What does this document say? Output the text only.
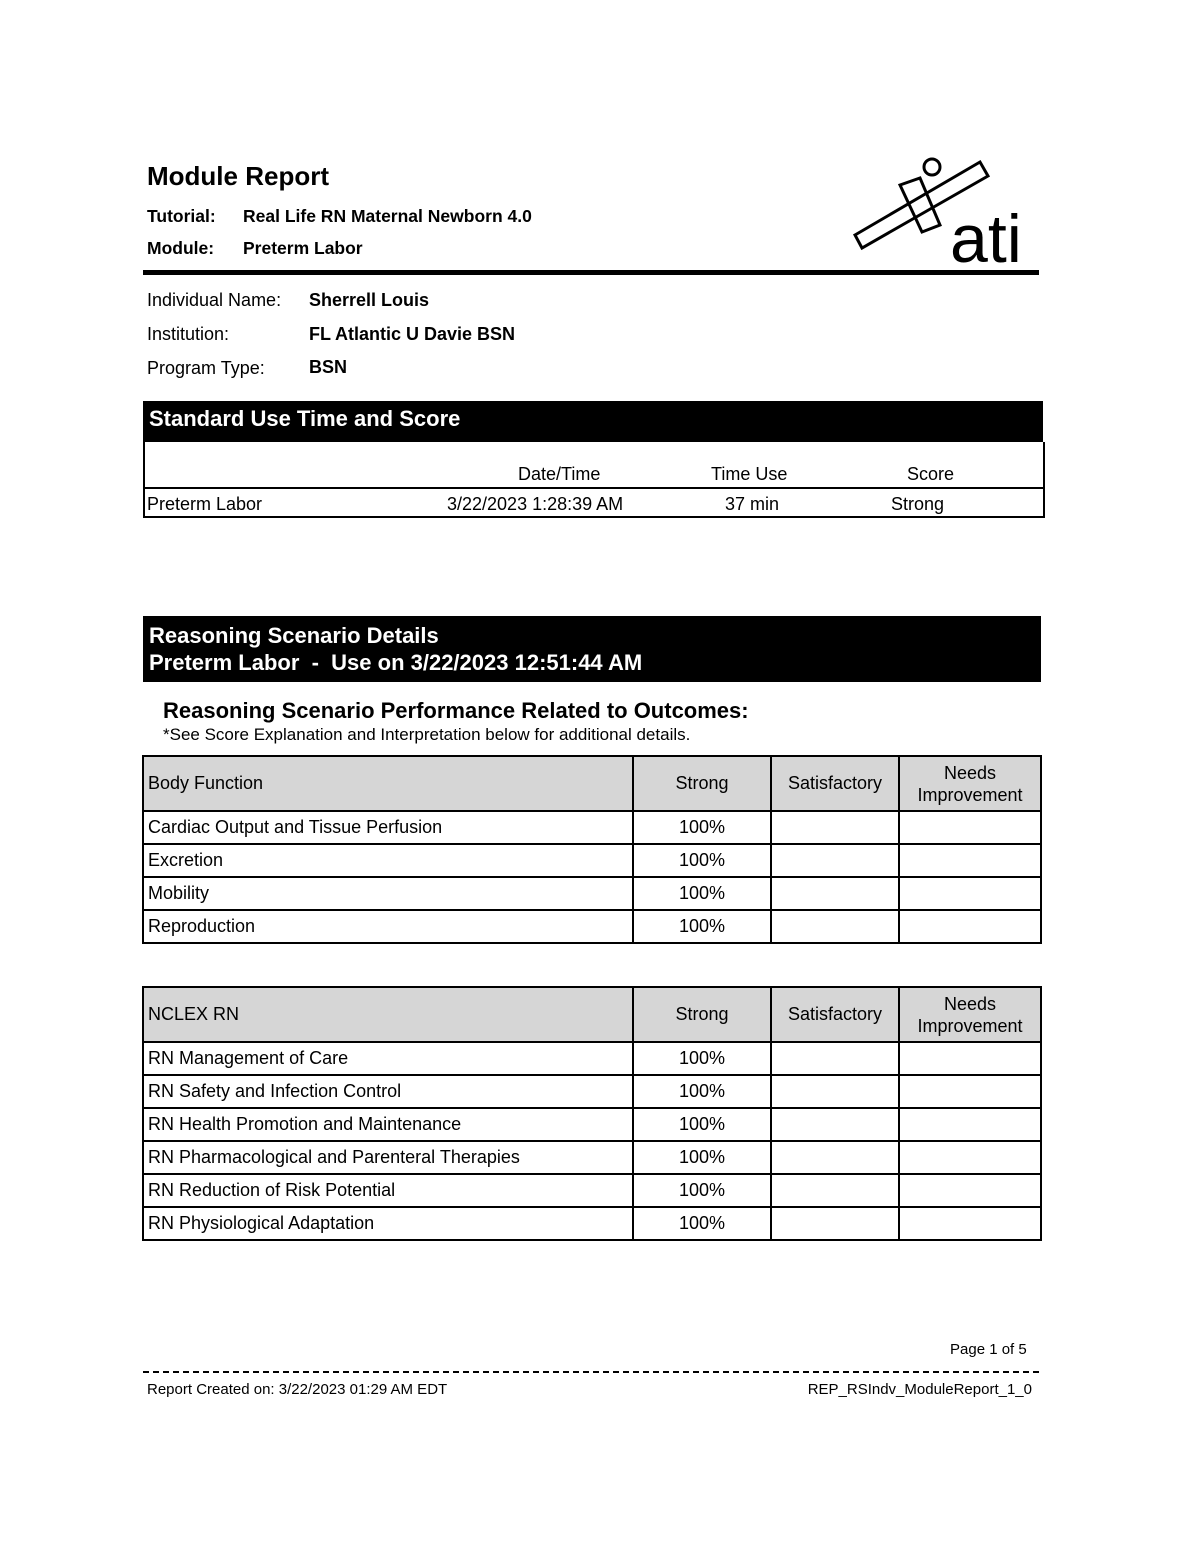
Module Report
Tutorial: Real Life RN Maternal Newborn 4.0
Module: Preterm Labor	ati
Individual Name: Sherrell Louis
Institution:	FL Atlantic U Davie BSN
Program Type: BSN
Standard Use Time and Score
Date/Time	Time Use	Score
Preterm Labor	3/22/2023 1:28:39 AM	37 min	Strong
Reasoning Scenario Details
Preterm Labor  -  Use on 3/22/2023 12:51:44 AM
Reasoning Scenario Performance Related to Outcomes:
*See Score Explanation and Interpretation below for additional details.
Body Function	Strong	Satisfactory	Needs
Improvement

Cardiac Output and Tissue Perfusion	100%		
Excretion	100%		
Mobility	100%		
Reproduction	100%		
NCLEX RN	Strong	Satisfactory	Needs
Improvement

RN Management of Care	100%		
RN Safety and Infection Control	100%		
RN Health Promotion and Maintenance	100%		
RN Pharmacological and Parenteral Therapies	100%		
RN Reduction of Risk Potential	100%		
RN Physiological Adaptation	100%		
Page 1 of 5
Report Created on: 3/22/2023 01:29 AM EDT	REP_RSIndv_ModuleReport_1_0
